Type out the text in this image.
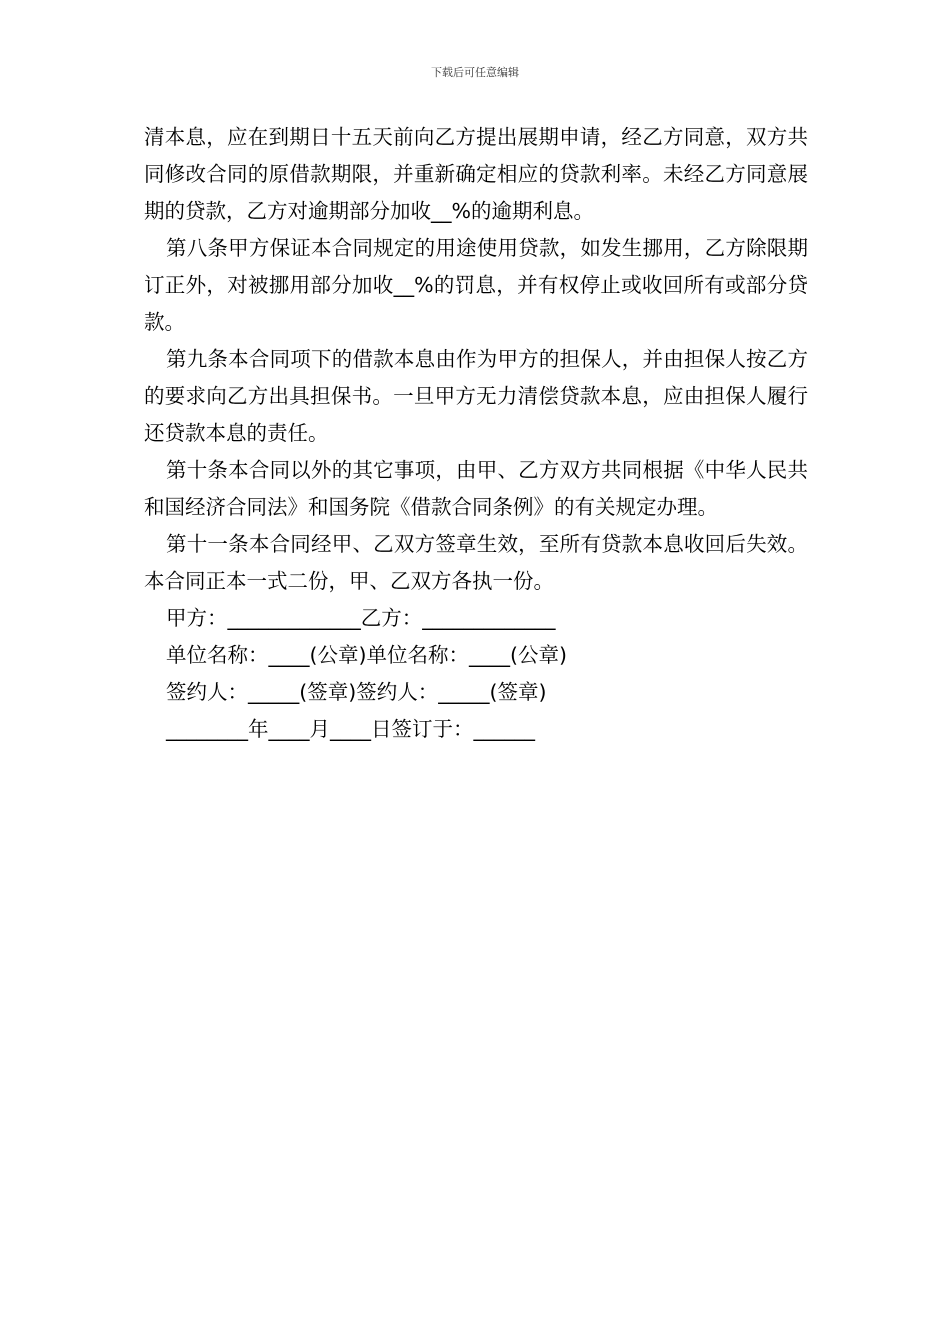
下载后可任意编辑

清本息，应在到期日十五天前向乙方提出展期申请，经乙方同意，双方共同修改合同的原借款期限，并重新确定相应的贷款利率。未经乙方同意展期的贷款，乙方对逾期部分加收__%的逾期利息。

第八条甲方保证本合同规定的用途使用贷款，如发生挪用，乙方除限期订正外，对被挪用部分加收__%的罚息，并有权停止或收回所有或部分贷款。

第九条本合同项下的借款本息由作为甲方的担保人，并由担保人按乙方的要求向乙方出具担保书。一旦甲方无力清偿贷款本息，应由担保人履行还贷款本息的责任。

第十条本合同以外的其它事项，由甲、乙方双方共同根据《中华人民共和国经济合同法》和国务院《借款合同条例》的有关规定办理。

第十一条本合同经甲、乙双方签章生效，至所有贷款本息收回后失效。本合同正本一式二份，甲、乙双方各执一份。

甲方：_____________乙方：_____________

单位名称：____(公章)单位名称：____(公章)

签约人：_____(签章)签约人：_____(签章)

________年____月____日签订于：______
